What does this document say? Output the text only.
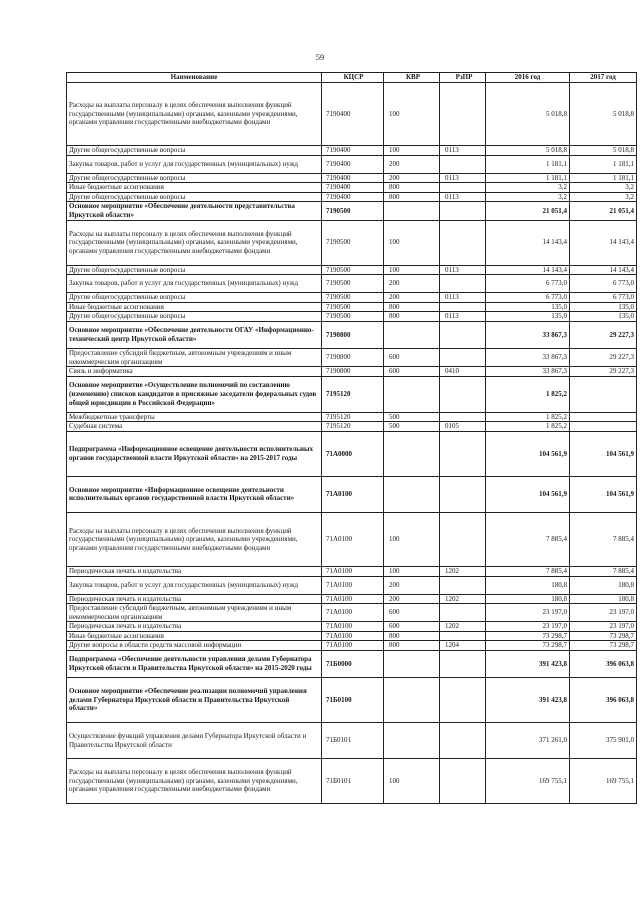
59
Наименование	КЦСР	КВР	РзПР	2016 год	2017 год
Расходы на выплаты персоналу в целях обеспечения выполнения функций государственными (муниципальными) органами, казенными учреждениями, органами управления государственными внебюджетными фондами	7190400	100		5 018,8	5 018,8
Другие общегосударственные вопросы	7190400	100	0113	5 018,8	5 018,8
Закупка товаров, работ и услуг для государственных (муниципальных) нужд	7190400	200		1 181,1	1 181,1
Другие общегосударственные вопросы	7190400	200	0113	1 181,1	1 181,1
Иные бюджетные ассигнования	7190400	800		3,2	3,2
Другие общегосударственные вопросы	7190400	800	0113	3,2	3,2
Основное мероприятие «Обеспечение деятельности представительства Иркутской области»	7190500			21 051,4	21 051,4
Расходы на выплаты персоналу в целях обеспечения выполнения функций государственными (муниципальными) органами, казенными учреждениями, органами управления государственными внебюджетными фондами	7190500	100		14 143,4	14 143,4
Другие общегосударственные вопросы	7190500	100	0113	14 143,4	14 143,4
Закупка товаров, работ и услуг для государственных (муниципальных) нужд	7190500	200		6 773,0	6 773,0
Другие общегосударственные вопросы	7190500	200	0113	6 773,0	6 773,0
Иные бюджетные ассигнования	7190500	800		135,0	135,0
Другие общегосударственные вопросы	7190500	800	0113	135,0	135,0
Основное мероприятие «Обеспечение деятельности ОГАУ «Информационно-технический центр Иркутской области»	7190800			33 867,3	29 227,3
Предоставление субсидий бюджетным, автономным учреждениям и иным некоммерческим организациям	7190800	600		33 867,3	29 227,3
Связь и информатика	7190800	600	0410	33 867,3	29 227,3
Основное мероприятие «Осуществление полномочий по составлению (изменению) списков кандидатов в присяжные заседатели федеральных судов общей юрисдикции в Российской Федерации»	7195120			1 825,2	
Межбюджетные трансферты	7195120	500		1 825,2	
Судебная система	7195120	500	0105	1 825,2	
Подпрограмма «Информационное освещение деятельности исполнительных органов государственной власти Иркутской области» на 2015-2017 годы	71А0000			104 561,9	104 561,9
Основное мероприятие «Информационное освещение деятельности исполнительных органов государственной власти Иркутской области»	71А0100			104 561,9	104 561,9
Расходы на выплаты персоналу в целях обеспечения выполнения функций государственными (муниципальными) органами, казенными учреждениями, органами управления государственными внебюджетными фондами	71А0100	100		7 885,4	7 885,4
Периодическая печать и издательства	71А0100	100	1202	7 885,4	7 885,4
Закупка товаров, работ и услуг для государственных (муниципальных) нужд	71А0100	200		180,8	180,8
Периодическая печать и издательства	71А0100	200	1202	180,8	180,8
Предоставление субсидий бюджетным, автономным учреждениям и иным некоммерческим организациям	71А0100	600		23 197,0	23 197,0
Периодическая печать и издательства	71А0100	600	1202	23 197,0	23 197,0
Иные бюджетные ассигнования	71А0100	800		73 298,7	73 298,7
Другие вопросы в области средств массовой информации	71А0100	800	1204	73 298,7	73 298,7
Подпрограмма «Обеспечение деятельности управления делами Губернатора Иркутской области и Правительства Иркутской области» на 2015-2020 годы	71Б0000			391 423,8	396 063,8
Основное мероприятие «Обеспечение реализации полномочий управления делами Губернатора Иркутской области и Правительства Иркутской области»	71Б0100			391 423,8	396 063,8
Осуществление функций управления делами Губернатора Иркутской области и Правительства Иркутской области	71Б0101			371 261,0	375 901,0
Расходы на выплаты персоналу в целях обеспечения выполнения функций государственными (муниципальными) органами, казенными учреждениями, органами управления государственными внебюджетными фондами	71Б0101	100		169 755,1	169 755,1
